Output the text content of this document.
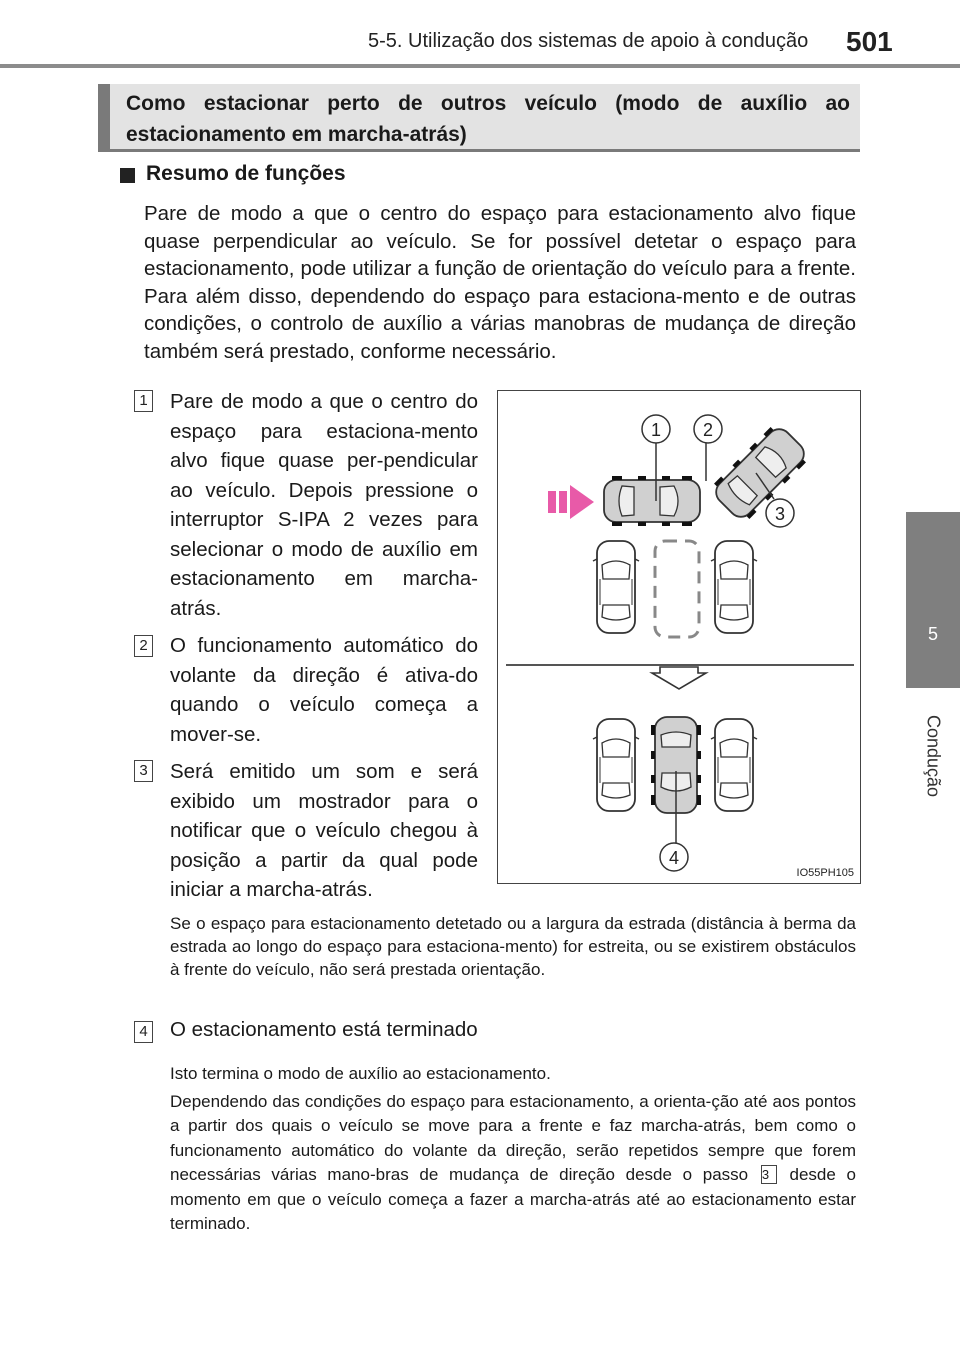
5-5. Utilização dos sistemas de apoio à condução 501
5
Condução
Como estacionar perto de outros veículo (modo de auxílio ao estacionamento em marcha-atrás)
Resumo de funções

Pare de modo a que o centro do espaço para estacionamento alvo fique quase perpendicular ao veículo. Se for possível detetar o espaço para estacionamento, pode utilizar a função de orientação do veículo para a frente. Para além disso, dependendo do espaço para estaciona-mento e de outras condições, o controlo de auxílio a várias manobras de mudança de direção também será prestado, conforme necessário.

1 Pare de modo a que o centro do espaço para estaciona-mento alvo fique quase per-pendicular ao veículo. Depois pressione o interruptor S-IPA 2 vezes para selecionar o modo de auxílio em estacionamento em marcha-atrás.

2 O funcionamento automático do volante da direção é ativa-do quando o veículo começa a mover-se.

3 Será emitido um som e será exibido um mostrador para o notificar que o veículo chegou à posição a partir da qual pode iniciar a marcha-atrás.

Se o espaço para estacionamento detetado ou a largura da estrada (distância à berma da estrada ao longo do espaço para estaciona-mento) for estreita, ou se existirem obstáculos à frente do veículo, não será prestada orientação.

4 O estacionamento está terminado
Isto termina o modo de auxílio ao estacionamento.

Dependendo das condições do espaço para estacionamento, a orienta-ção até aos pontos a partir dos quais o veículo se move para a frente e faz marcha-atrás, bem como o funcionamento automático do volante da direção, serão repetidos sempre que forem necessárias várias mano-bras de mudança de direção desde o passo 3 desde o momento em que o veículo começa a fazer a marcha-atrás até ao estacionamento estar terminado.

1 2
3
4
IO55PH105
